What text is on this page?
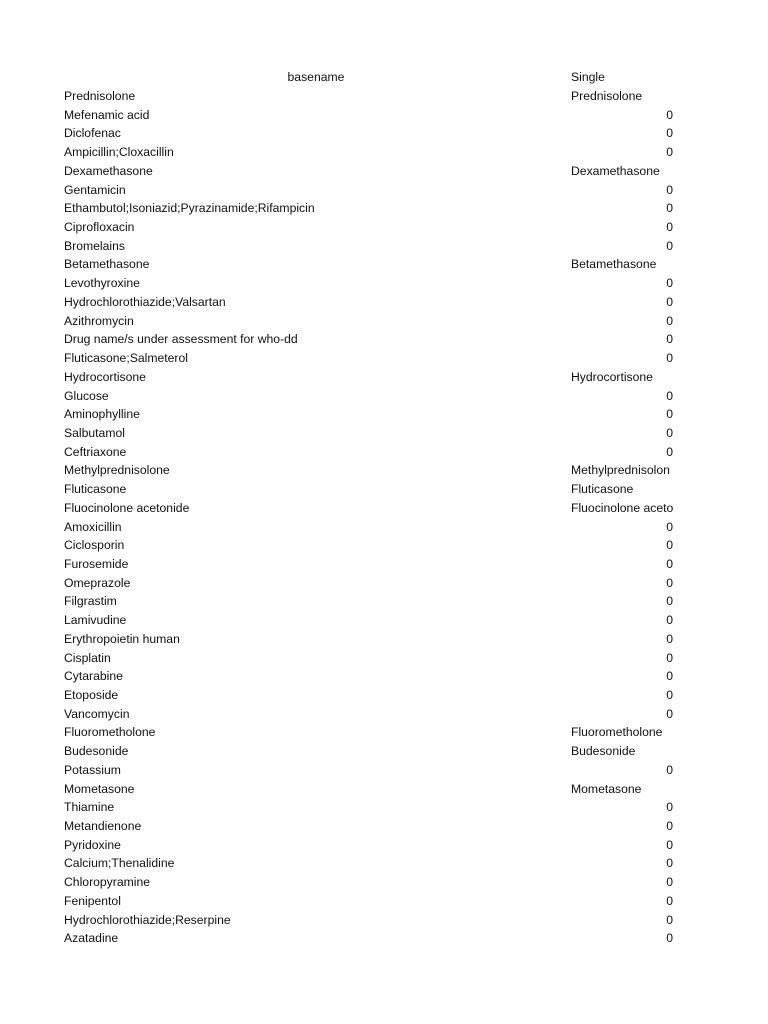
basename	Single
Prednisolone	Prednisolone
Mefenamic acid	0
Diclofenac	0
Ampicillin;Cloxacillin	0
Dexamethasone	Dexamethasone
Gentamicin	0
Ethambutol;Isoniazid;Pyrazinamide;Rifampicin	0
Ciprofloxacin	0
Bromelains	0
Betamethasone	Betamethasone
Levothyroxine	0
Hydrochlorothiazide;Valsartan	0
Azithromycin	0
Drug name/s under assessment for who-dd	0
Fluticasone;Salmeterol	0
Hydrocortisone	Hydrocortisone
Glucose	0
Aminophylline	0
Salbutamol	0
Ceftriaxone	0
Methylprednisolone	Methylprednisolon
Fluticasone	Fluticasone
Fluocinolone acetonide	Fluocinolone aceto
Amoxicillin	0
Ciclosporin	0
Furosemide	0
Omeprazole	0
Filgrastim	0
Lamivudine	0
Erythropoietin human	0
Cisplatin	0
Cytarabine	0
Etoposide	0
Vancomycin	0
Fluorometholone	Fluorometholone
Budesonide	Budesonide
Potassium	0
Mometasone	Mometasone
Thiamine	0
Metandienone	0
Pyridoxine	0
Calcium;Thenalidine	0
Chloropyramine	0
Fenipentol	0
Hydrochlorothiazide;Reserpine	0
Azatadine	0
